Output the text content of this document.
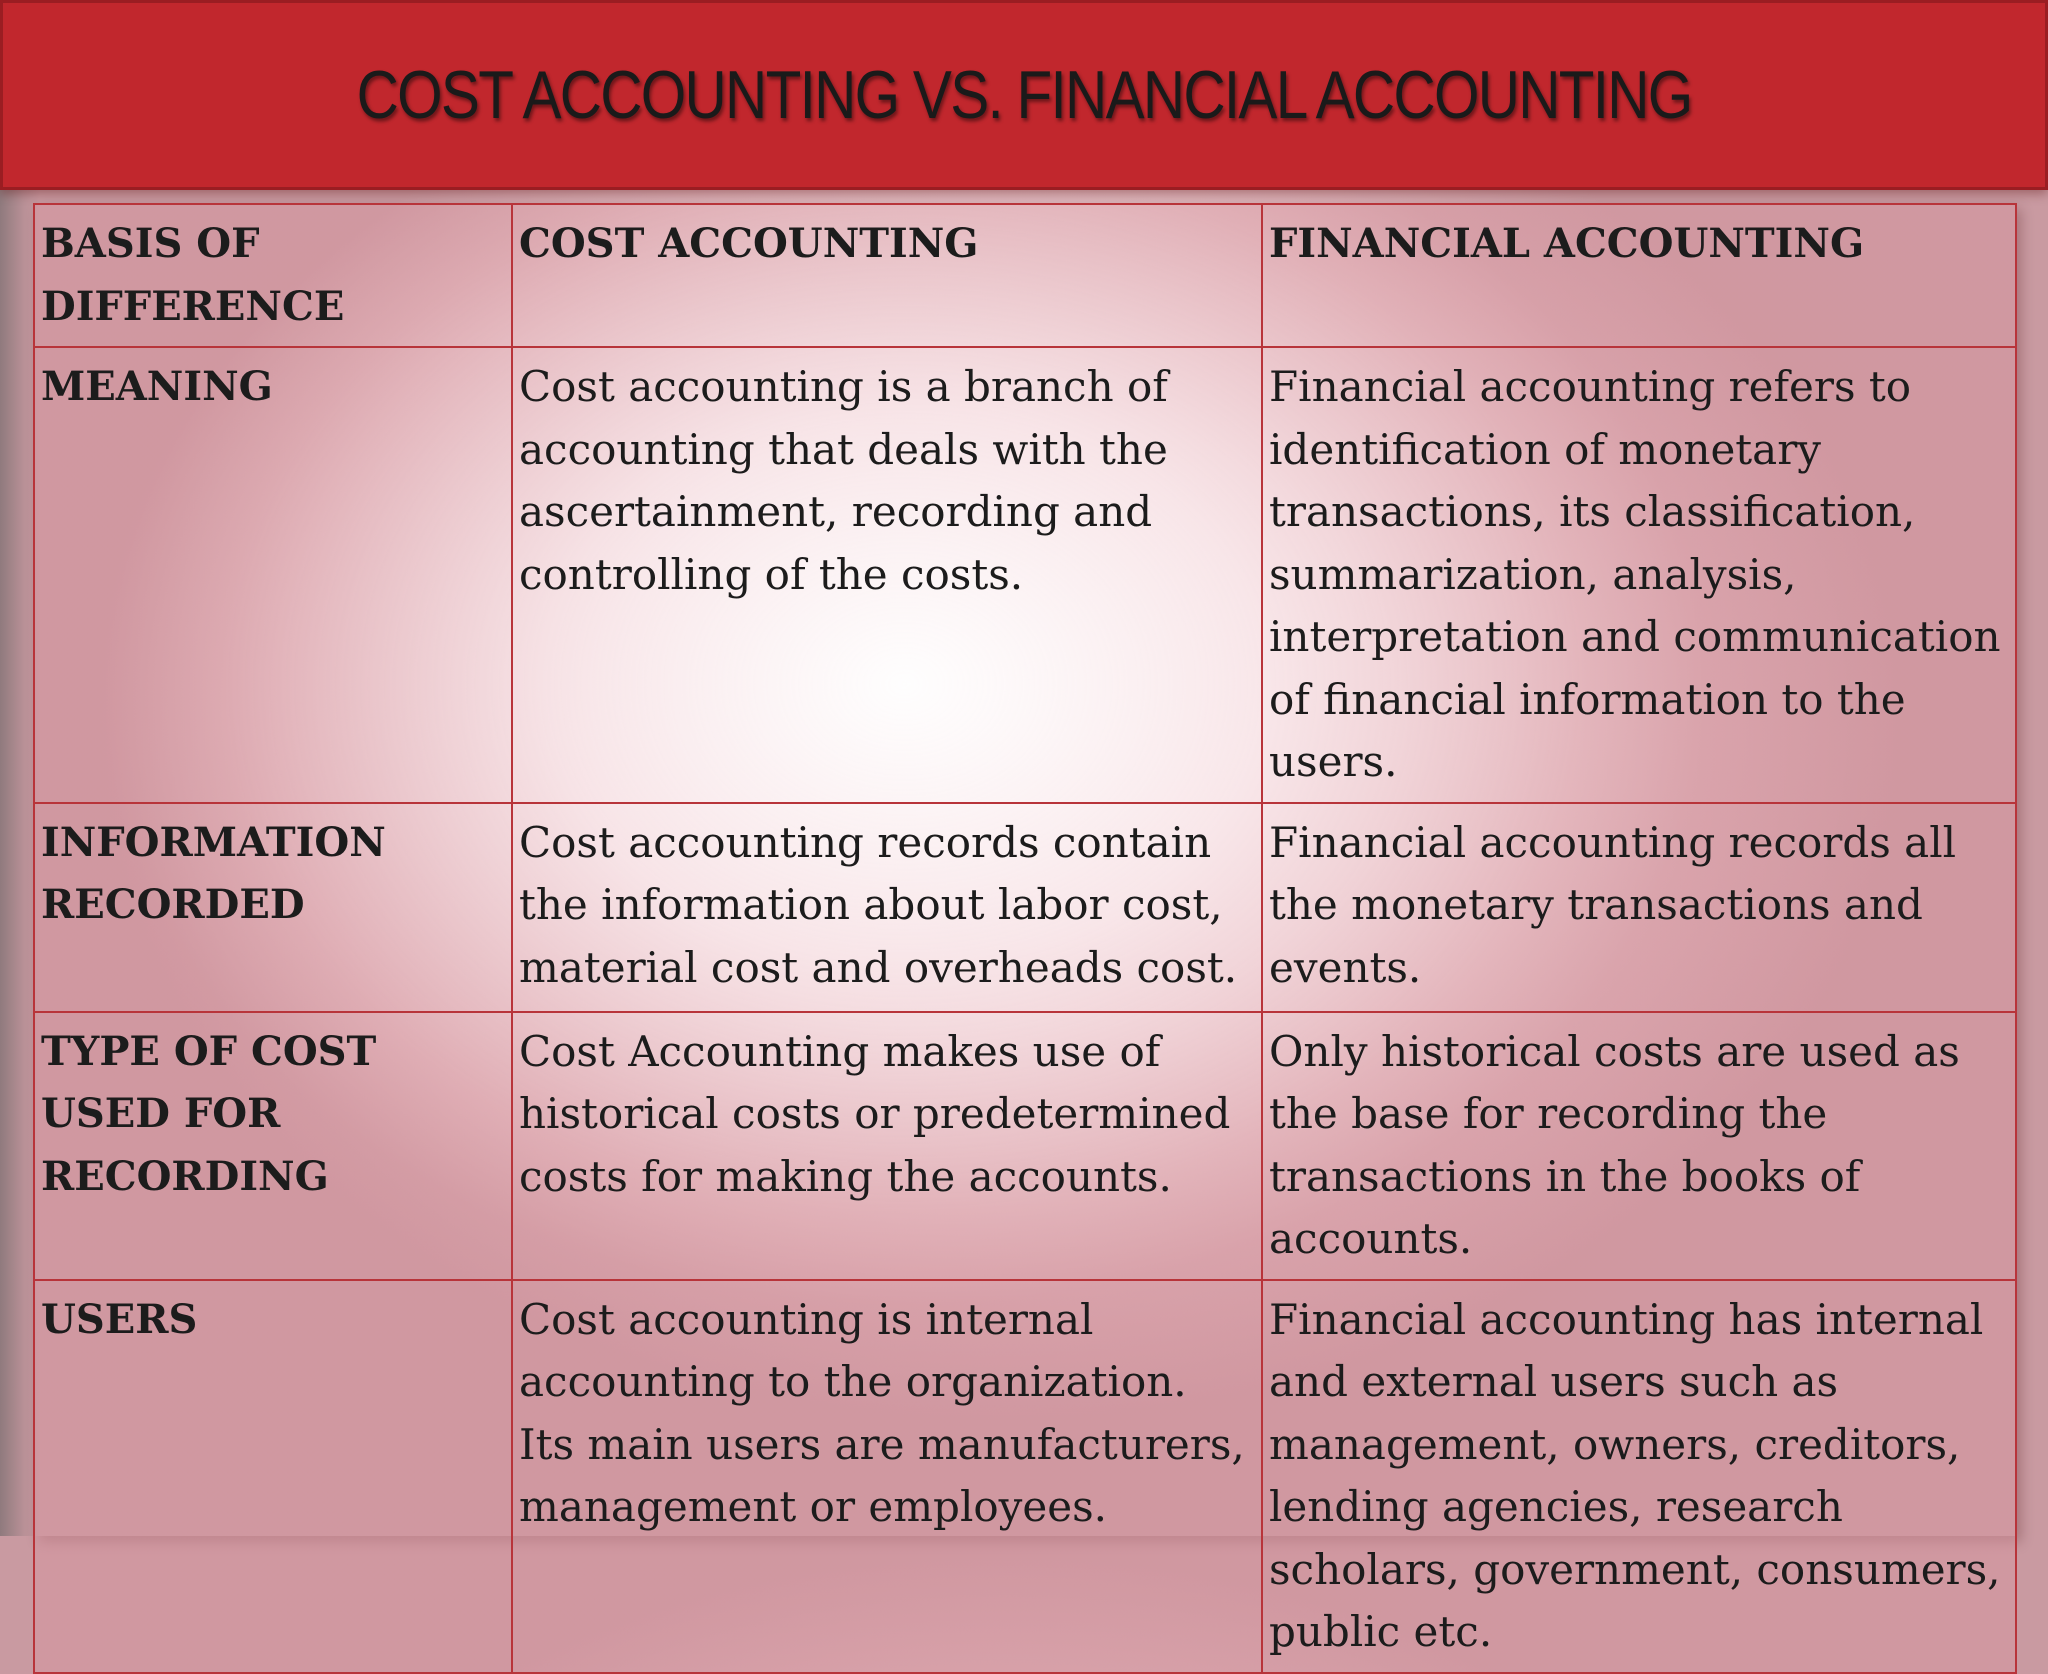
COST ACCOUNTING VS. FINANCIAL ACCOUNTING
BASIS OF DIFFERENCE	COST ACCOUNTING	FINANCIAL ACCOUNTING
MEANING	Cost accounting is a branch of accounting that deals with the ascertainment, recording and controlling of the costs.	Financial accounting refers to identification of monetary transactions, its classification, summarization, analysis, interpretation and communication of financial information to the users.
INFORMATION RECORDED	Cost accounting records contain the information about labor cost, material cost and overheads cost.	Financial accounting records all the monetary transactions and events.
TYPE OF COST USED FOR RECORDING	Cost Accounting makes use of historical costs or predetermined costs for making the accounts.	Only historical costs are used as the base for recording the transactions in the books of accounts.
USERS	Cost accounting is internal accounting to the organization. Its main users are manufacturers, management or employees.	Financial accounting has internal and external users such as management, owners, creditors, lending agencies, research scholars, government, consumers, public etc.
